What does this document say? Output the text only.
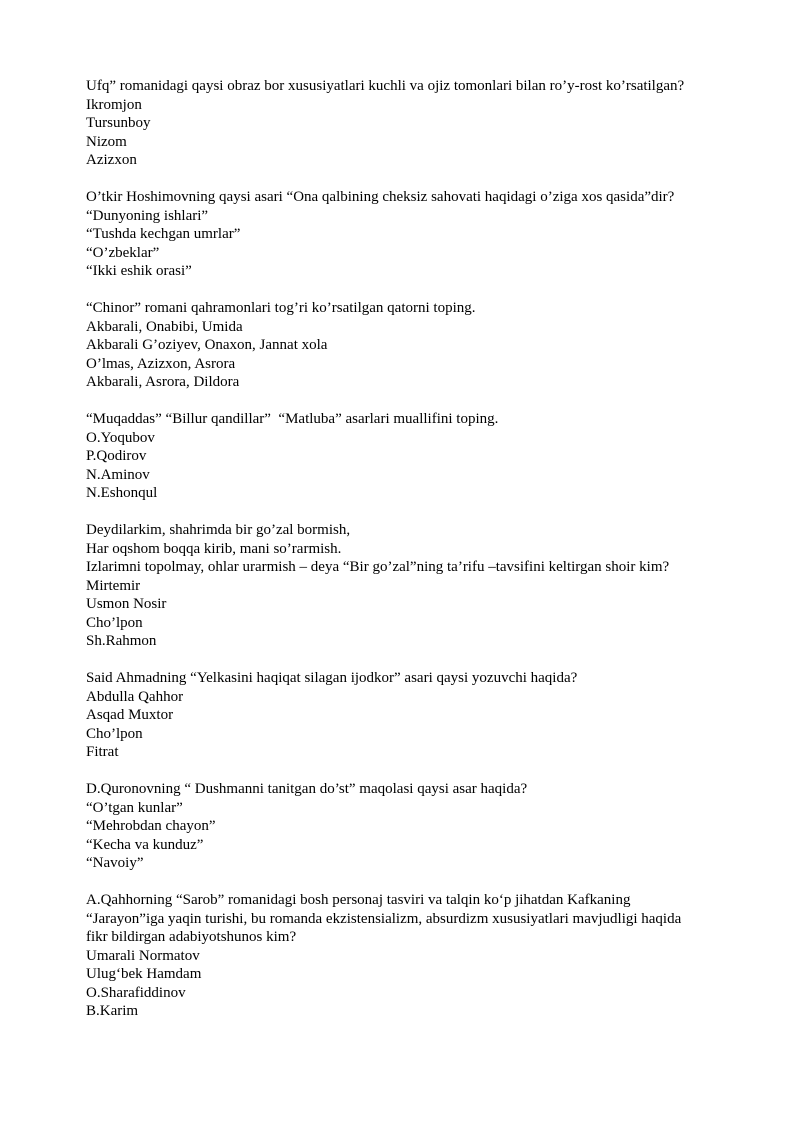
Ufq” romanidagi qaysi obraz bor xususiyatlari kuchli va ojiz tomonlari bilan ro’y-rost ko’rsatilgan?
Ikromjon
Tursunboy
Nizom
Azizxon
O’tkir Hoshimovning qaysi asari “Ona qalbining cheksiz sahovati haqidagi o’ziga xos qasida”dir?
“Dunyoning ishlari”
“Tushda kechgan umrlar”
“O’zbeklar”
“Ikki eshik orasi”
“Chinor” romani qahramonlari tog’ri ko’rsatilgan qatorni toping.
Akbarali, Onabibi, Umida
Akbarali G’oziyev, Onaxon, Jannat xola
O’lmas, Azizxon, Asrora
Akbarali, Asrora, Dildora
“Muqaddas” “Billur qandillar”  “Matluba” asarlari muallifini toping.
O.Yoqubov
P.Qodirov
N.Aminov
N.Eshonqul
Deydilarkim, shahrimda bir go’zal bormish,
Har oqshom boqqa kirib, mani so’rarmish.
Izlarimni topolmay, ohlar urarmish – deya “Bir go’zal”ning ta’rifu –tavsifini keltirgan shoir kim?
Mirtemir
Usmon Nosir
Cho’lpon
Sh.Rahmon
Said Ahmadning “Yelkasini haqiqat silagan ijodkor” asari qaysi yozuvchi haqida?
Abdulla Qahhor
Asqad Muxtor
Cho’lpon
Fitrat
D.Quronovning “ Dushmanni tanitgan do’st” maqolasi qaysi asar haqida?
“O’tgan kunlar”
“Mehrobdan chayon”
“Kecha va kunduz”
“Navoiy”
A.Qahhorning “Sarob” romanidagi bosh personaj tasviri va talqin ko‘p jihatdan Kafkaning
“Jarayon”iga yaqin turishi, bu romanda ekzistensializm, absurdizm xususiyatlari mavjudligi haqida
fikr bildirgan adabiyotshunos kim?
Umarali Normatov
Ulug‘bek Hamdam
O.Sharafiddinov
B.Karim
